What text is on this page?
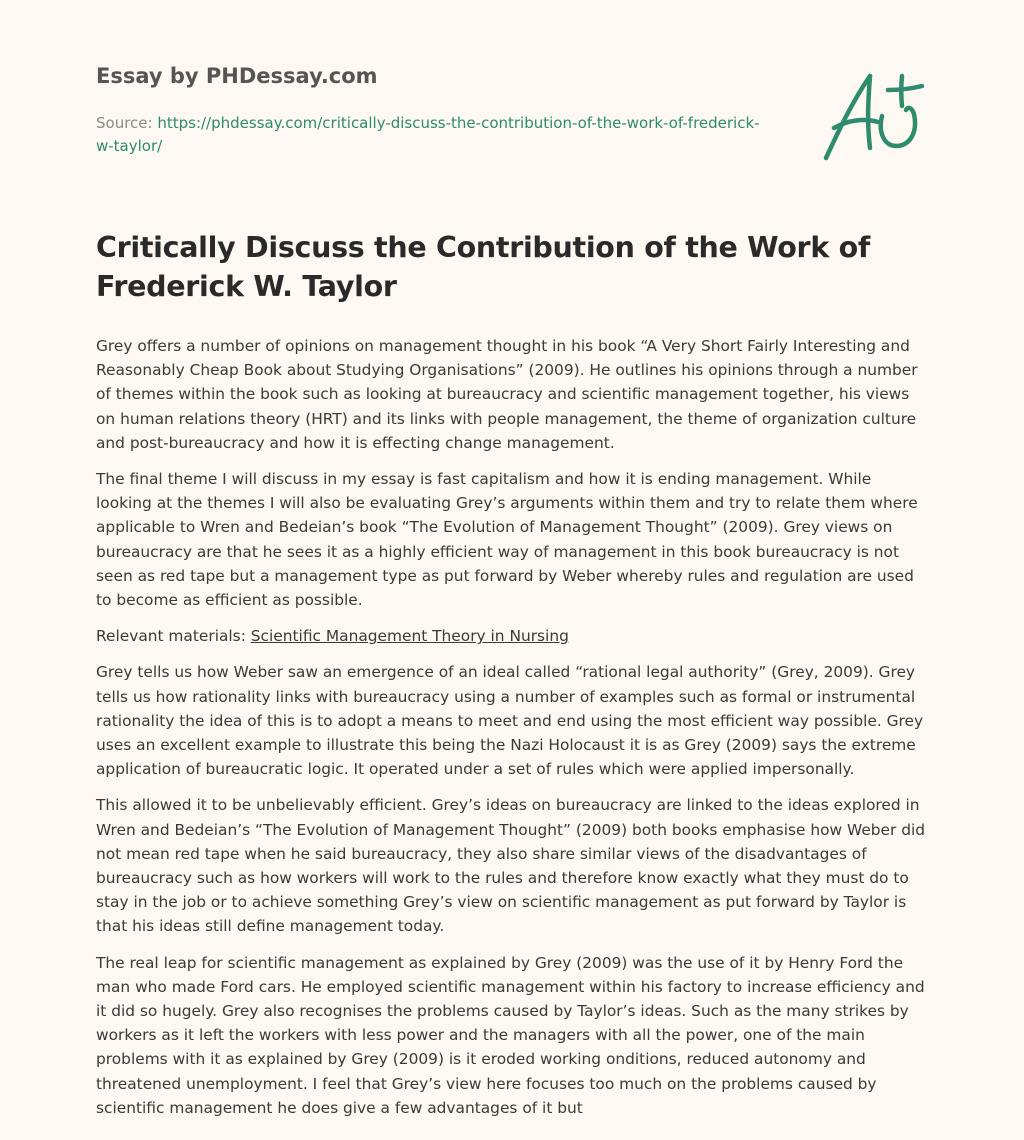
Essay by PHDessay.com
Source: https://phdessay.com/critically-discuss-the-contribution-of-the-work-of-frederick-w-taylor/
Critically Discuss the Contribution of the Work of Frederick W. Taylor

Grey offers a number of opinions on management thought in his book “A Very Short Fairly Interesting and Reasonably Cheap Book about Studying Organisations” (2009). He outlines his opinions through a number of themes within the book such as looking at bureaucracy and scientific management together, his views on human relations theory (HRT) and its links with people management, the theme of organization culture and post-bureaucracy and how it is effecting change management.

The final theme I will discuss in my essay is fast capitalism and how it is ending management. While looking at the themes I will also be evaluating Grey’s arguments within them and try to relate them where applicable to Wren and Bedeian’s book “The Evolution of Management Thought” (2009). Grey views on bureaucracy are that he sees it as a highly efficient way of management in this book bureaucracy is not seen as red tape but a management type as put forward by Weber whereby rules and regulation are used to become as efficient as possible.

Relevant materials: Scientific Management Theory in Nursing

Grey tells us how Weber saw an emergence of an ideal called “rational legal authority” (Grey, 2009). Grey tells us how rationality links with bureaucracy using a number of examples such as formal or instrumental rationality the idea of this is to adopt a means to meet and end using the most efficient way possible. Grey uses an excellent example to illustrate this being the Nazi Holocaust it is as Grey (2009) says the extreme application of bureaucratic logic. It operated under a set of rules which were applied impersonally.

This allowed it to be unbelievably efficient. Grey’s ideas on bureaucracy are linked to the ideas explored in Wren and Bedeian’s “The Evolution of Management Thought” (2009) both books emphasise how Weber did not mean red tape when he said bureaucracy, they also share similar views of the disadvantages of bureaucracy such as how workers will work to the rules and therefore know exactly what they must do to stay in the job or to achieve something Grey’s view on scientific management as put forward by Taylor is that his ideas still define management today.

The real leap for scientific management as explained by Grey (2009) was the use of it by Henry Ford the man who made Ford cars. He employed scientific management within his factory to increase efficiency and it did so hugely. Grey also recognises the problems caused by Taylor’s ideas. Such as the many strikes by workers as it left the workers with less power and the managers with all the power, one of the main problems with it as explained by Grey (2009) is it eroded working onditions, reduced autonomy and threatened unemployment. I feel that Grey’s view here focuses too much on the problems caused by scientific management he does give a few advantages of it but
